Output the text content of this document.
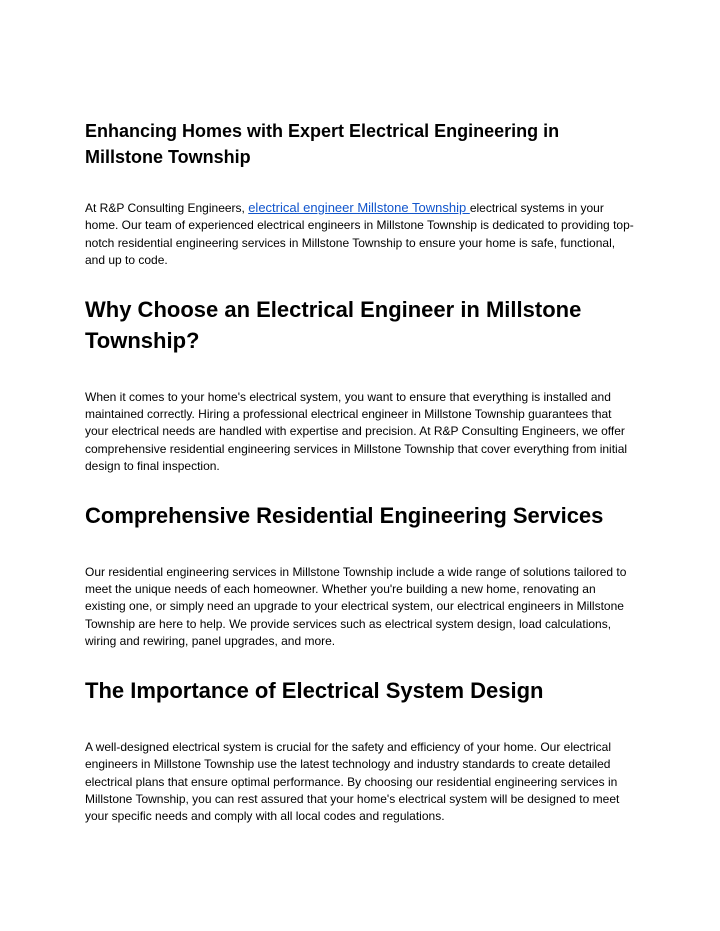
Enhancing Homes with Expert Electrical Engineering in Millstone Township

At R&P Consulting Engineers, electrical engineer Millstone Township electrical systems in your home. Our team of experienced electrical engineers in Millstone Township is dedicated to providing top-notch residential engineering services in Millstone Township to ensure your home is safe, functional, and up to code.

Why Choose an Electrical Engineer in Millstone Township?

When it comes to your home's electrical system, you want to ensure that everything is installed and maintained correctly. Hiring a professional electrical engineer in Millstone Township guarantees that your electrical needs are handled with expertise and precision. At R&P Consulting Engineers, we offer comprehensive residential engineering services in Millstone Township that cover everything from initial design to final inspection.

Comprehensive Residential Engineering Services

Our residential engineering services in Millstone Township include a wide range of solutions tailored to meet the unique needs of each homeowner. Whether you're building a new home, renovating an existing one, or simply need an upgrade to your electrical system, our electrical engineers in Millstone Township are here to help. We provide services such as electrical system design, load calculations, wiring and rewiring, panel upgrades, and more.

The Importance of Electrical System Design

A well-designed electrical system is crucial for the safety and efficiency of your home. Our electrical engineers in Millstone Township use the latest technology and industry standards to create detailed electrical plans that ensure optimal performance. By choosing our residential engineering services in Millstone Township, you can rest assured that your home's electrical system will be designed to meet your specific needs and comply with all local codes and regulations.
